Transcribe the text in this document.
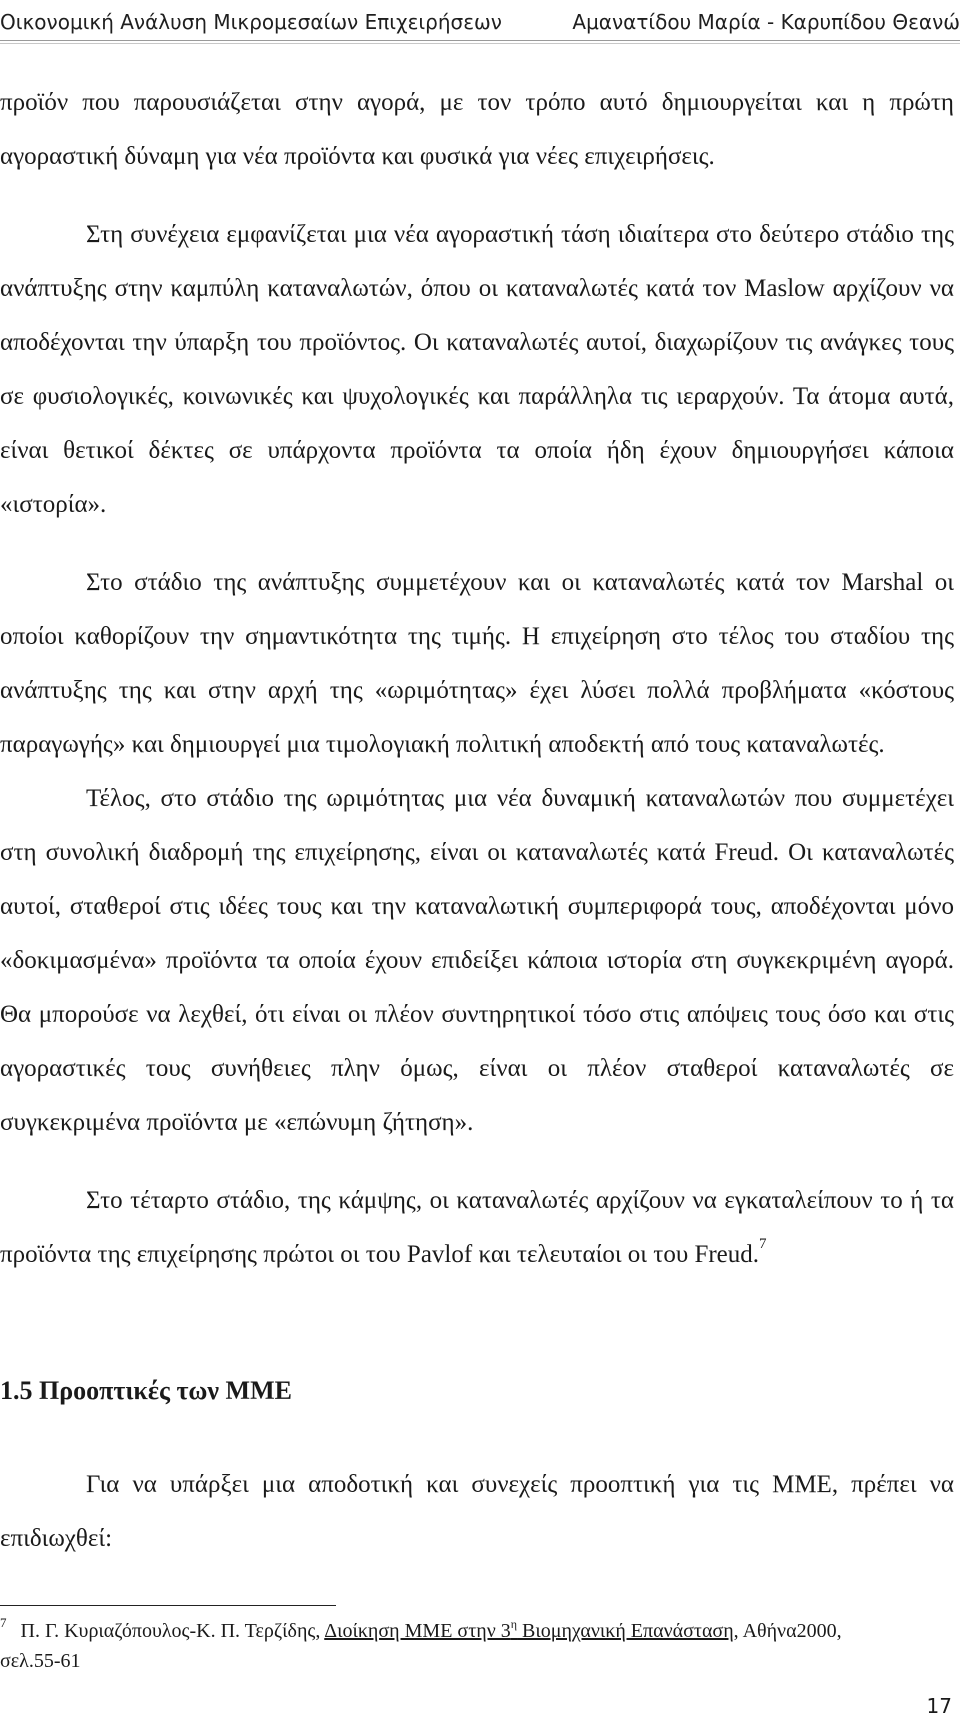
Οικονομική Ανάλυση Μικρομεσαίων Επιχειρήσεων	Αμανατίδου Μαρία - Καρυπίδου Θεανώ

προϊόν που παρουσιάζεται στην αγορά, με τον τρόπο αυτό δημιουργείται και η πρώτη αγοραστική δύναμη για νέα προϊόντα και φυσικά για νέες επιχειρήσεις.

Στη συνέχεια εμφανίζεται μια νέα αγοραστική τάση ιδιαίτερα στο δεύτερο στάδιο της ανάπτυξης στην καμπύλη καταναλωτών, όπου οι καταναλωτές κατά τον Maslow αρχίζουν να αποδέχονται την ύπαρξη του προϊόντος. Οι καταναλωτές αυτοί, διαχωρίζουν τις ανάγκες τους σε φυσιολογικές, κοινωνικές και ψυχολογικές και παράλληλα τις ιεραρχούν. Τα άτομα αυτά, είναι θετικοί δέκτες σε υπάρχοντα προϊόντα τα οποία ήδη έχουν δημιουργήσει κάποια «ιστορία».

Στο στάδιο της ανάπτυξης συμμετέχουν και οι καταναλωτές κατά τον Marshal οι οποίοι καθορίζουν την σημαντικότητα της τιμής. Η επιχείρηση στο τέλος του σταδίου της ανάπτυξης της και στην αρχή της «ωριμότητας» έχει λύσει πολλά προβλήματα «κόστους παραγωγής» και δημιουργεί μια τιμολογιακή πολιτική αποδεκτή από τους καταναλωτές.

Τέλος, στο στάδιο της ωριμότητας μια νέα δυναμική καταναλωτών που συμμετέχει στη συνολική διαδρομή της επιχείρησης, είναι οι καταναλωτές κατά Freud. Οι καταναλωτές αυτοί, σταθεροί στις ιδέες τους και την καταναλωτική συμπεριφορά τους, αποδέχονται μόνο «δοκιμασμένα» προϊόντα τα οποία έχουν επιδείξει κάποια ιστορία στη συγκεκριμένη αγορά. Θα μπορούσε να λεχθεί, ότι είναι οι πλέον συντηρητικοί τόσο στις απόψεις τους όσο και στις αγοραστικές τους συνήθειες πλην όμως, είναι οι πλέον σταθεροί καταναλωτές σε συγκεκριμένα προϊόντα με «επώνυμη ζήτηση».

Στο τέταρτο στάδιο, της κάμψης, οι καταναλωτές αρχίζουν να εγκαταλείπουν το ή τα προϊόντα της επιχείρησης πρώτοι οι του Pavlof και τελευταίοι οι του Freud.$^7$

1.5 Προοπτικές των ΜΜΕ

Για να υπάρξει μια αποδοτική και συνεχείς προοπτική για τις ΜΜΕ, πρέπει να επιδιωχθεί:

$^7$ Π. Γ. Κυριαζόπουλος-Κ. Π. Τερζίδης, Διοίκηση ΜΜΕ στην $3^\eta$ Βιομηχανική Επανάσταση, Αθήνα2000, σελ.55-61
17
